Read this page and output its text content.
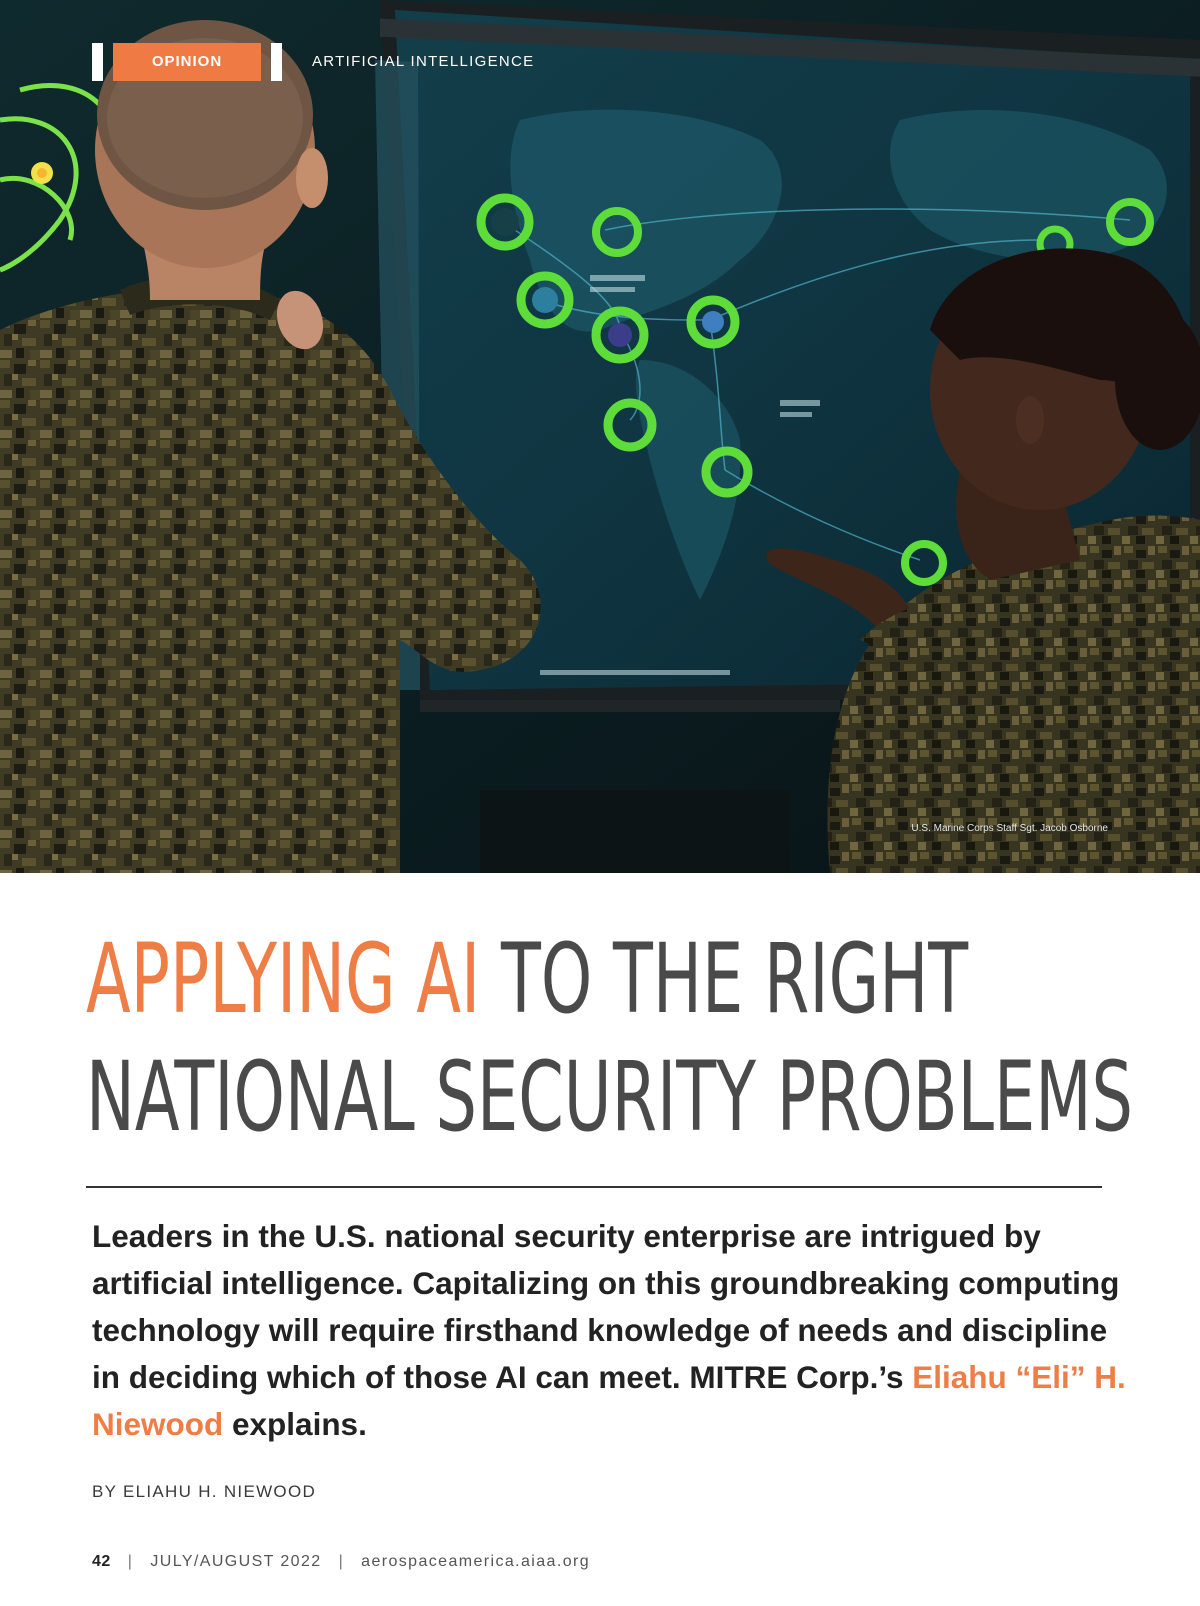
OPINION	ARTIFICIAL INTELLIGENCE
U.S. Marine Corps Staff Sgt. Jacob Osborne
APPLYING AI TO THE RIGHT
NATIONAL SECURITY PROBLEMS

Leaders in the U.S. national security enterprise are intrigued by artificial intelligence. Capitalizing on this groundbreaking computing technology will require firsthand knowledge of needs and discipline in deciding which of those AI can meet. MITRE Corp.’s Eliahu “Eli” H. Niewood explains.

BY ELIAHU H. NIEWOOD
42 | JULY/AUGUST 2022 | aerospaceamerica.aiaa.org
